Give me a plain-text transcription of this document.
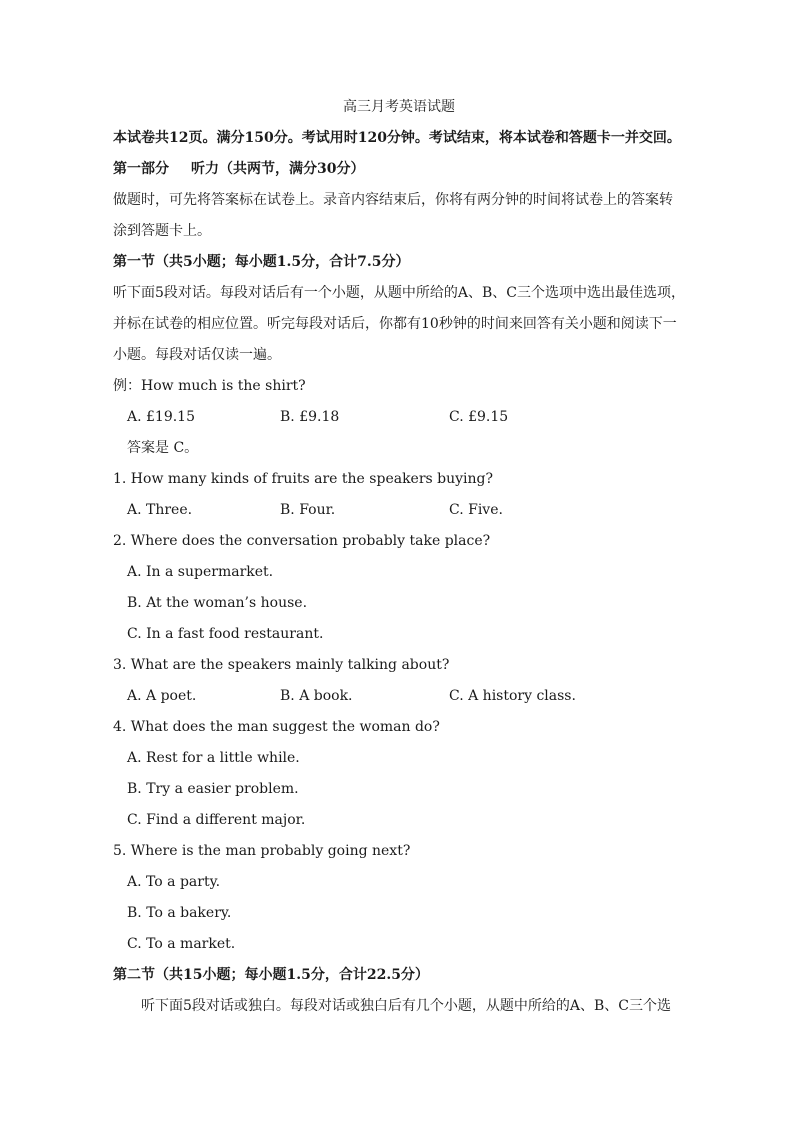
高三月考英语试题
本试卷共12页。满分150分。考试用时120分钟。考试结束，将本试卷和答题卡一并交回。
第一部分 听力（共两节，满分30分）
做题时，可先将答案标在试卷上。录音内容结束后，你将有两分钟的时间将试卷上的答案转
涂到答题卡上。
第一节（共5小题；每小题1.5分，合计7.5分）
听下面5段对话。每段对话后有一个小题，从题中所给的A、B、C三个选项中选出最佳选项，
并标在试卷的相应位置。听完每段对话后，你都有10秒钟的时间来回答有关小题和阅读下一
小题。每段对话仅读一遍。
例：How much is the shirt?
A. £19.15	B. £9.18	C. £9.15
答案是 C。
1. How many kinds of fruits are the speakers buying?
A. Three.	B. Four.	C. Five.
2. Where does the conversation probably take place?
A. In a supermarket.
B. At the woman’s house.
C. In a fast food restaurant.
3. What are the speakers mainly talking about?
A. A poet.	B. A book.	C. A history class.
4. What does the man suggest the woman do?
A. Rest for a little while.
B. Try a easier problem.
C. Find a different major.
5. Where is the man probably going next?
A. To a party.
B. To a bakery.
C. To a market.
第二节（共15小题；每小题1.5分，合计22.5分）
听下面5段对话或独白。每段对话或独白后有几个小题，从题中所给的A、B、C三个选
